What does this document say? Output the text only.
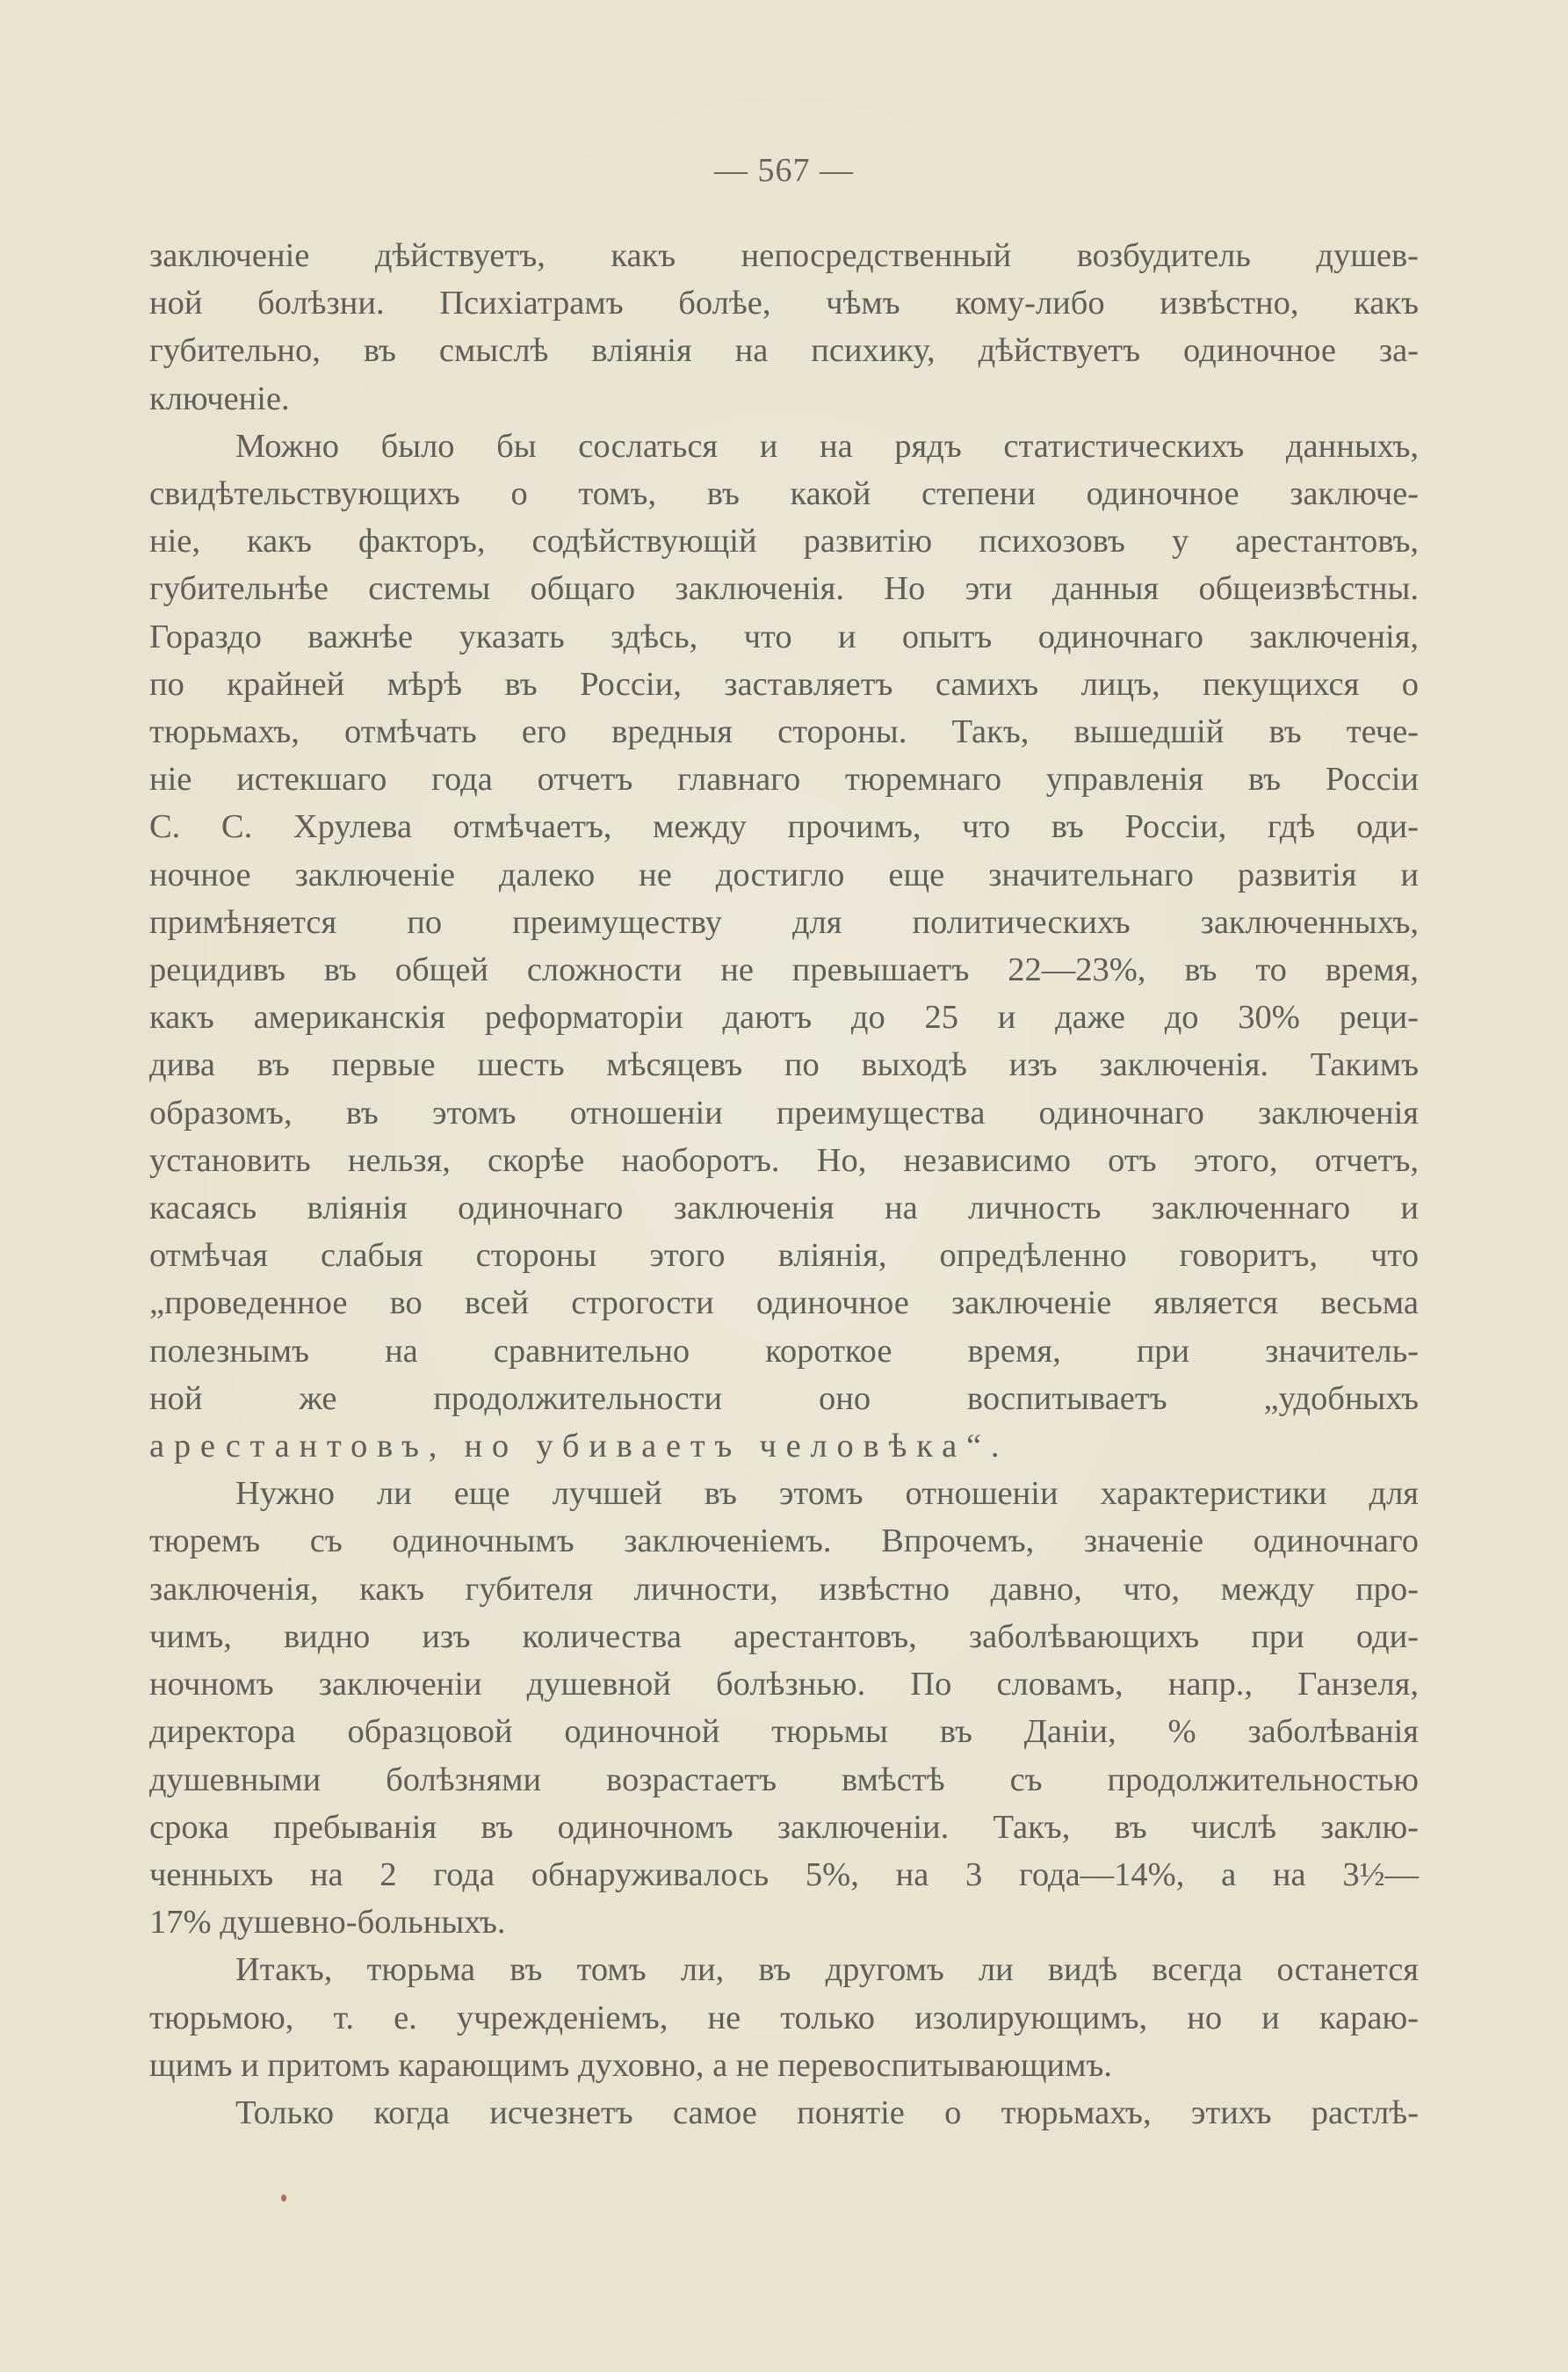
— 567 —
заключеніе дѣйствуетъ, какъ непосредственный возбудитель душев-
ной болѣзни. Психіатрамъ болѣе, чѣмъ кому-либо извѣстно, какъ
губительно, въ смыслѣ вліянія на психику, дѣйствуетъ одиночное за-
ключеніе.
Можно было бы сослаться и на рядъ статистическихъ данныхъ,
свидѣтельствующихъ о томъ, въ какой степени одиночное заключе-
ніе, какъ факторъ, содѣйствующій развитію психозовъ у арестантовъ,
губительнѣе системы общаго заключенія. Но эти данныя общеизвѣстны.
Гораздо важнѣе указать здѣсь, что и опытъ одиночнаго заключенія,
по крайней мѣрѣ въ Россіи, заставляетъ самихъ лицъ, пекущихся о
тюрьмахъ, отмѣчать его вредныя стороны. Такъ, вышедшій въ тече-
ніе истекшаго года отчетъ главнаго тюремнаго управленія въ Россіи
С. С. Хрулева отмѣчаетъ, между прочимъ, что въ Россіи, гдѣ оди-
ночное заключеніе далеко не достигло еще значительнаго развитія и
примѣняется по преимуществу для политическихъ заключенныхъ,
рецидивъ въ общей сложности не превышаетъ 22—23%, въ то время,
какъ американскія реформаторіи даютъ до 25 и даже до 30% реци-
дива въ первые шесть мѣсяцевъ по выходѣ изъ заключенія. Такимъ
образомъ, въ этомъ отношеніи преимущества одиночнаго заключенія
установить нельзя, скорѣе наоборотъ. Но, независимо отъ этого, отчетъ,
касаясь вліянія одиночнаго заключенія на личность заключеннаго и
отмѣчая слабыя стороны этого вліянія, опредѣленно говоритъ, что
„проведенное во всей строгости одиночное заключеніе является весьма
полезнымъ на сравнительно короткое время, при значитель-
ной же продолжительности оно воспитываетъ „удобныхъ
арестантовъ, но убиваетъ человѣка“.
Нужно ли еще лучшей въ этомъ отношеніи характеристики для
тюремъ съ одиночнымъ заключеніемъ. Впрочемъ, значеніе одиночнаго
заключенія, какъ губителя личности, извѣстно давно, что, между про-
чимъ, видно изъ количества арестантовъ, заболѣвающихъ при оди-
ночномъ заключеніи душевной болѣзнью. По словамъ, напр., Ганзеля,
директора образцовой одиночной тюрьмы въ Даніи, % заболѣванія
душевными болѣзнями возрастаетъ вмѣстѣ съ продолжительностью
срока пребыванія въ одиночномъ заключеніи. Такъ, въ числѣ заклю-
ченныхъ на 2 года обнаруживалось 5%, на 3 года—14%, а на 3½—
17% душевно-больныхъ.
Итакъ, тюрьма въ томъ ли, въ другомъ ли видѣ всегда останется
тюрьмою, т. е. учрежденіемъ, не только изолирующимъ, но и караю-
щимъ и притомъ карающимъ духовно, а не перевоспитывающимъ.
Только когда исчезнетъ самое понятіе о тюрьмахъ, этихъ растлѣ-
